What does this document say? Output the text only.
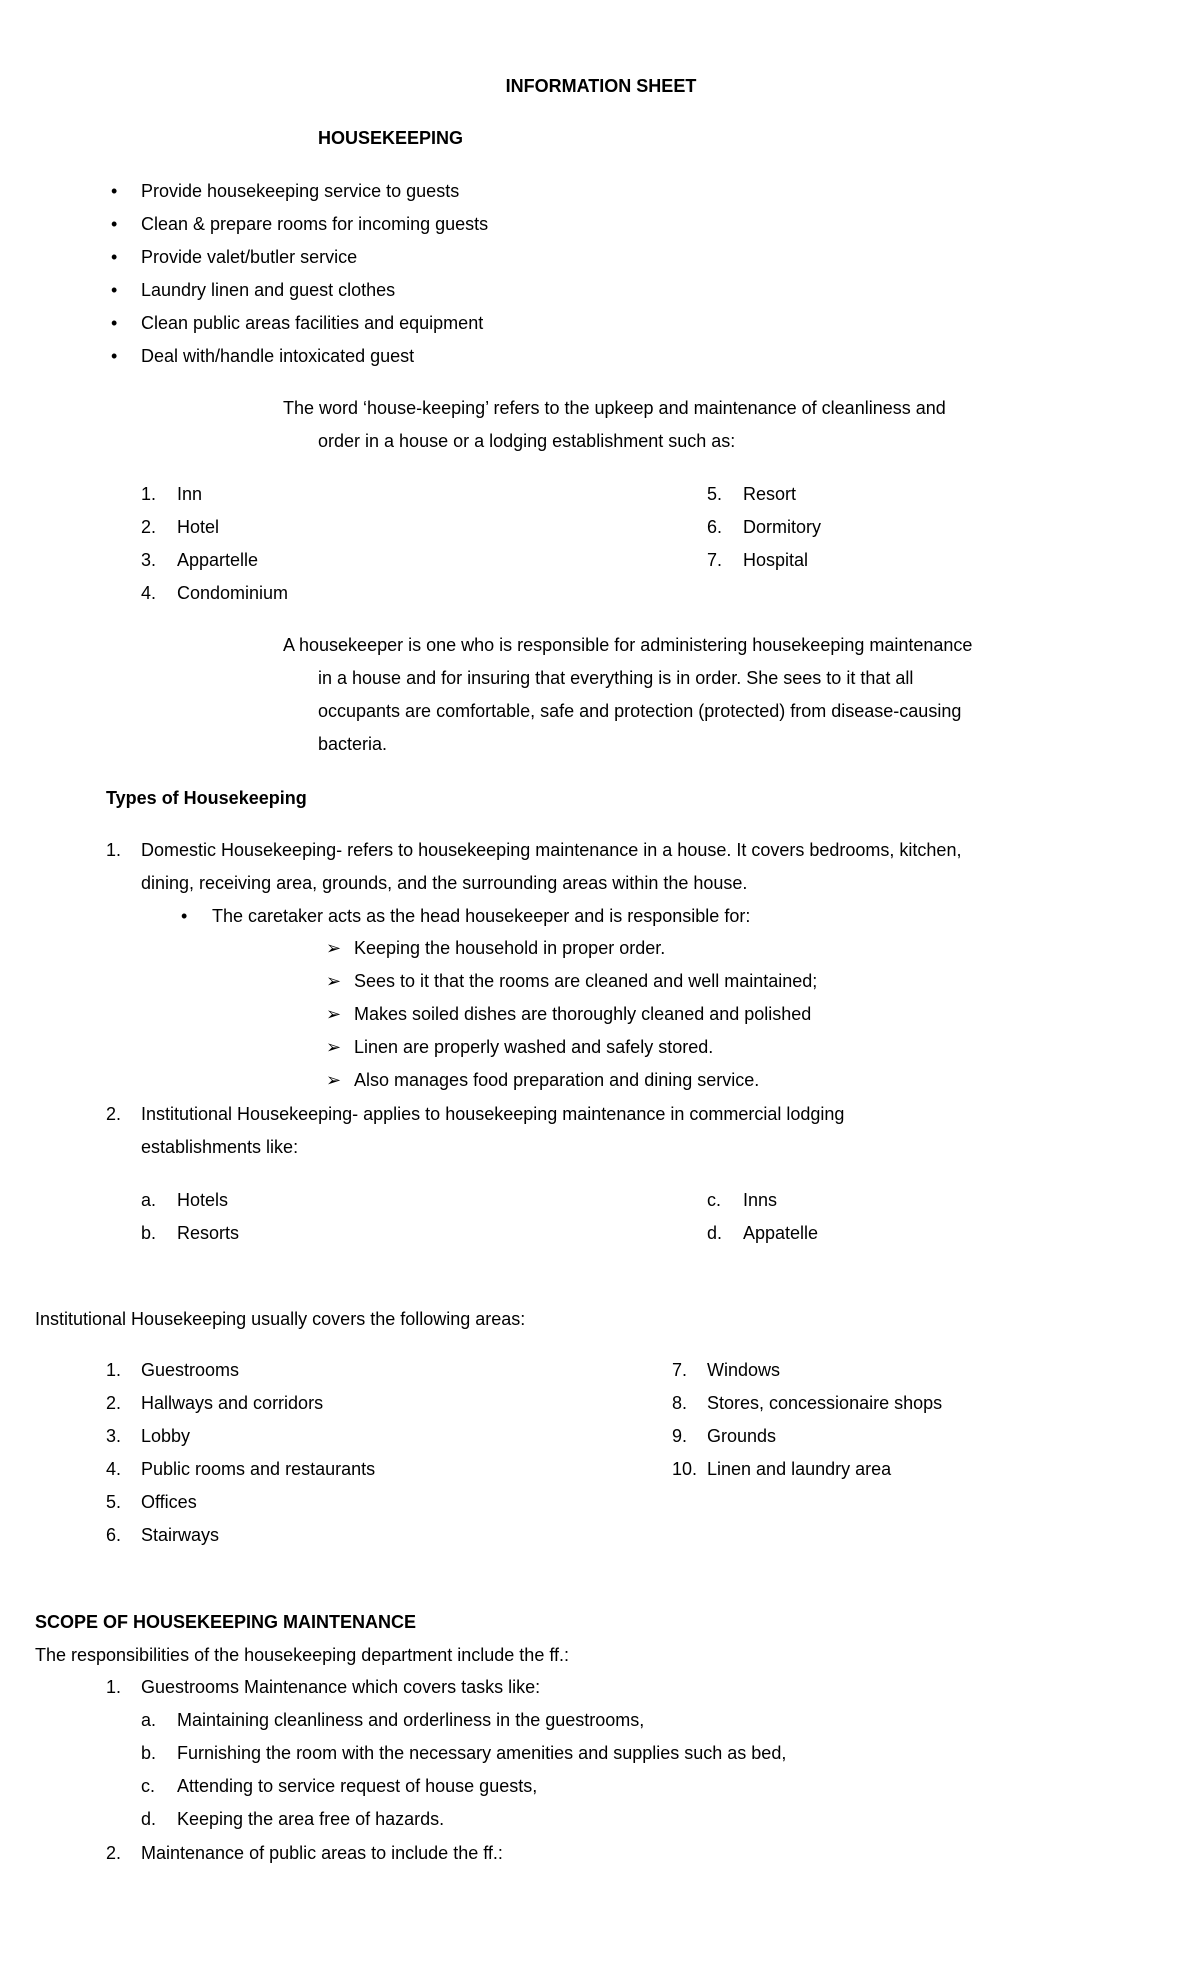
INFORMATION SHEET
HOUSEKEEPING
• Provide housekeeping service to guests
• Clean & prepare rooms for incoming guests
• Provide valet/butler service
• Laundry linen and guest clothes
• Clean public areas facilities and equipment
• Deal with/handle intoxicated guest
The word ‘house-keeping’ refers to the upkeep and maintenance of cleanliness and
order in a house or a lodging establishment such as:
1. Inn
2. Hotel
3. Appartelle
4. Condominium
5. Resort
6. Dormitory
7. Hospital
A housekeeper is one who is responsible for administering housekeeping maintenance
in a house and for insuring that everything is in order. She sees to it that all
occupants are comfortable, safe and protection (protected) from disease-causing
bacteria.
Types of Housekeeping
1. Domestic Housekeeping- refers to housekeeping maintenance in a house. It covers bedrooms, kitchen,
dining, receiving area, grounds, and the surrounding areas within the house.
• The caretaker acts as the head housekeeper and is responsible for:
➢ Keeping the household in proper order.
➢ Sees to it that the rooms are cleaned and well maintained;
➢ Makes soiled dishes are thoroughly cleaned and polished
➢ Linen are properly washed and safely stored.
➢ Also manages food preparation and dining service.
2. Institutional Housekeeping- applies to housekeeping maintenance in commercial lodging
establishments like:
a. Hotels
b. Resorts
c. Inns
d. Appatelle
Institutional Housekeeping usually covers the following areas:
1. Guestrooms
2. Hallways and corridors
3. Lobby
4. Public rooms and restaurants
5. Offices
6. Stairways
7. Windows
8. Stores, concessionaire shops
9. Grounds
10. Linen and laundry area
SCOPE OF HOUSEKEEPING MAINTENANCE
The responsibilities of the housekeeping department include the ff.:
1. Guestrooms Maintenance which covers tasks like:
a. Maintaining cleanliness and orderliness in the guestrooms,
b. Furnishing the room with the necessary amenities and supplies such as bed,
c. Attending to service request of house guests,
d. Keeping the area free of hazards.
2. Maintenance of public areas to include the ff.:
